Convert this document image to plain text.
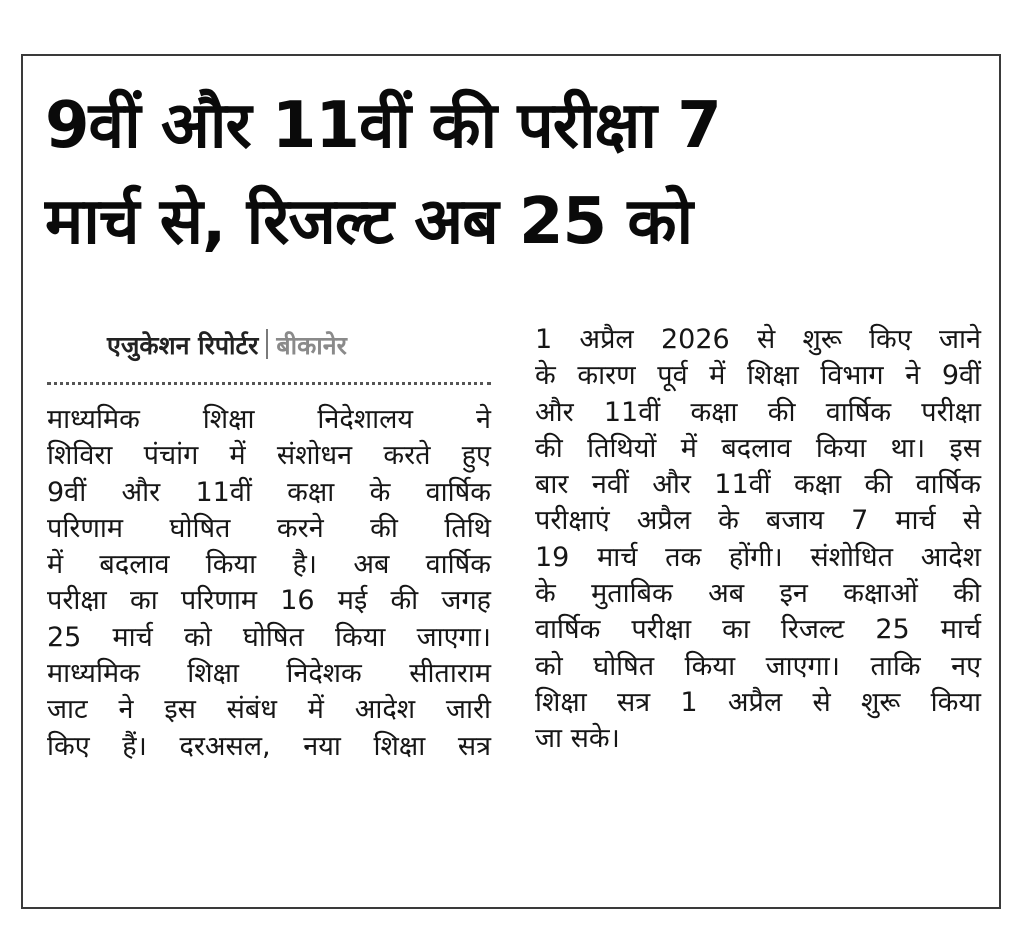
9वीं और 11वीं की परीक्षा 7
मार्च से, रिजल्ट अब 25 को
एजुकेशन रिपोर्टर बीकानेर
माध्यमिक शिक्षा निदेशालय ने
शिविरा पंचांग में संशोधन करते हुए
9वीं और 11वीं कक्षा के वार्षिक
परिणाम घोषित करने की तिथि
में बदलाव किया है। अब वार्षिक
परीक्षा का परिणाम 16 मई की जगह
25 मार्च को घोषित किया जाएगा।
माध्यमिक शिक्षा निदेशक सीताराम
जाट ने इस संबंध में आदेश जारी
किए हैं। दरअसल, नया शिक्षा सत्र
1 अप्रैल 2026 से शुरू किए जाने
के कारण पूर्व में शिक्षा विभाग ने 9वीं
और 11वीं कक्षा की वार्षिक परीक्षा
की तिथियों में बदलाव किया था। इस
बार नवीं और 11वीं कक्षा की वार्षिक
परीक्षाएं अप्रैल के बजाय 7 मार्च से
19 मार्च तक होंगी। संशोधित आदेश
के मुताबिक अब इन कक्षाओं की
वार्षिक परीक्षा का रिजल्ट 25 मार्च
को घोषित किया जाएगा। ताकि नए
शिक्षा सत्र 1 अप्रैल से शुरू किया
जा सके।
